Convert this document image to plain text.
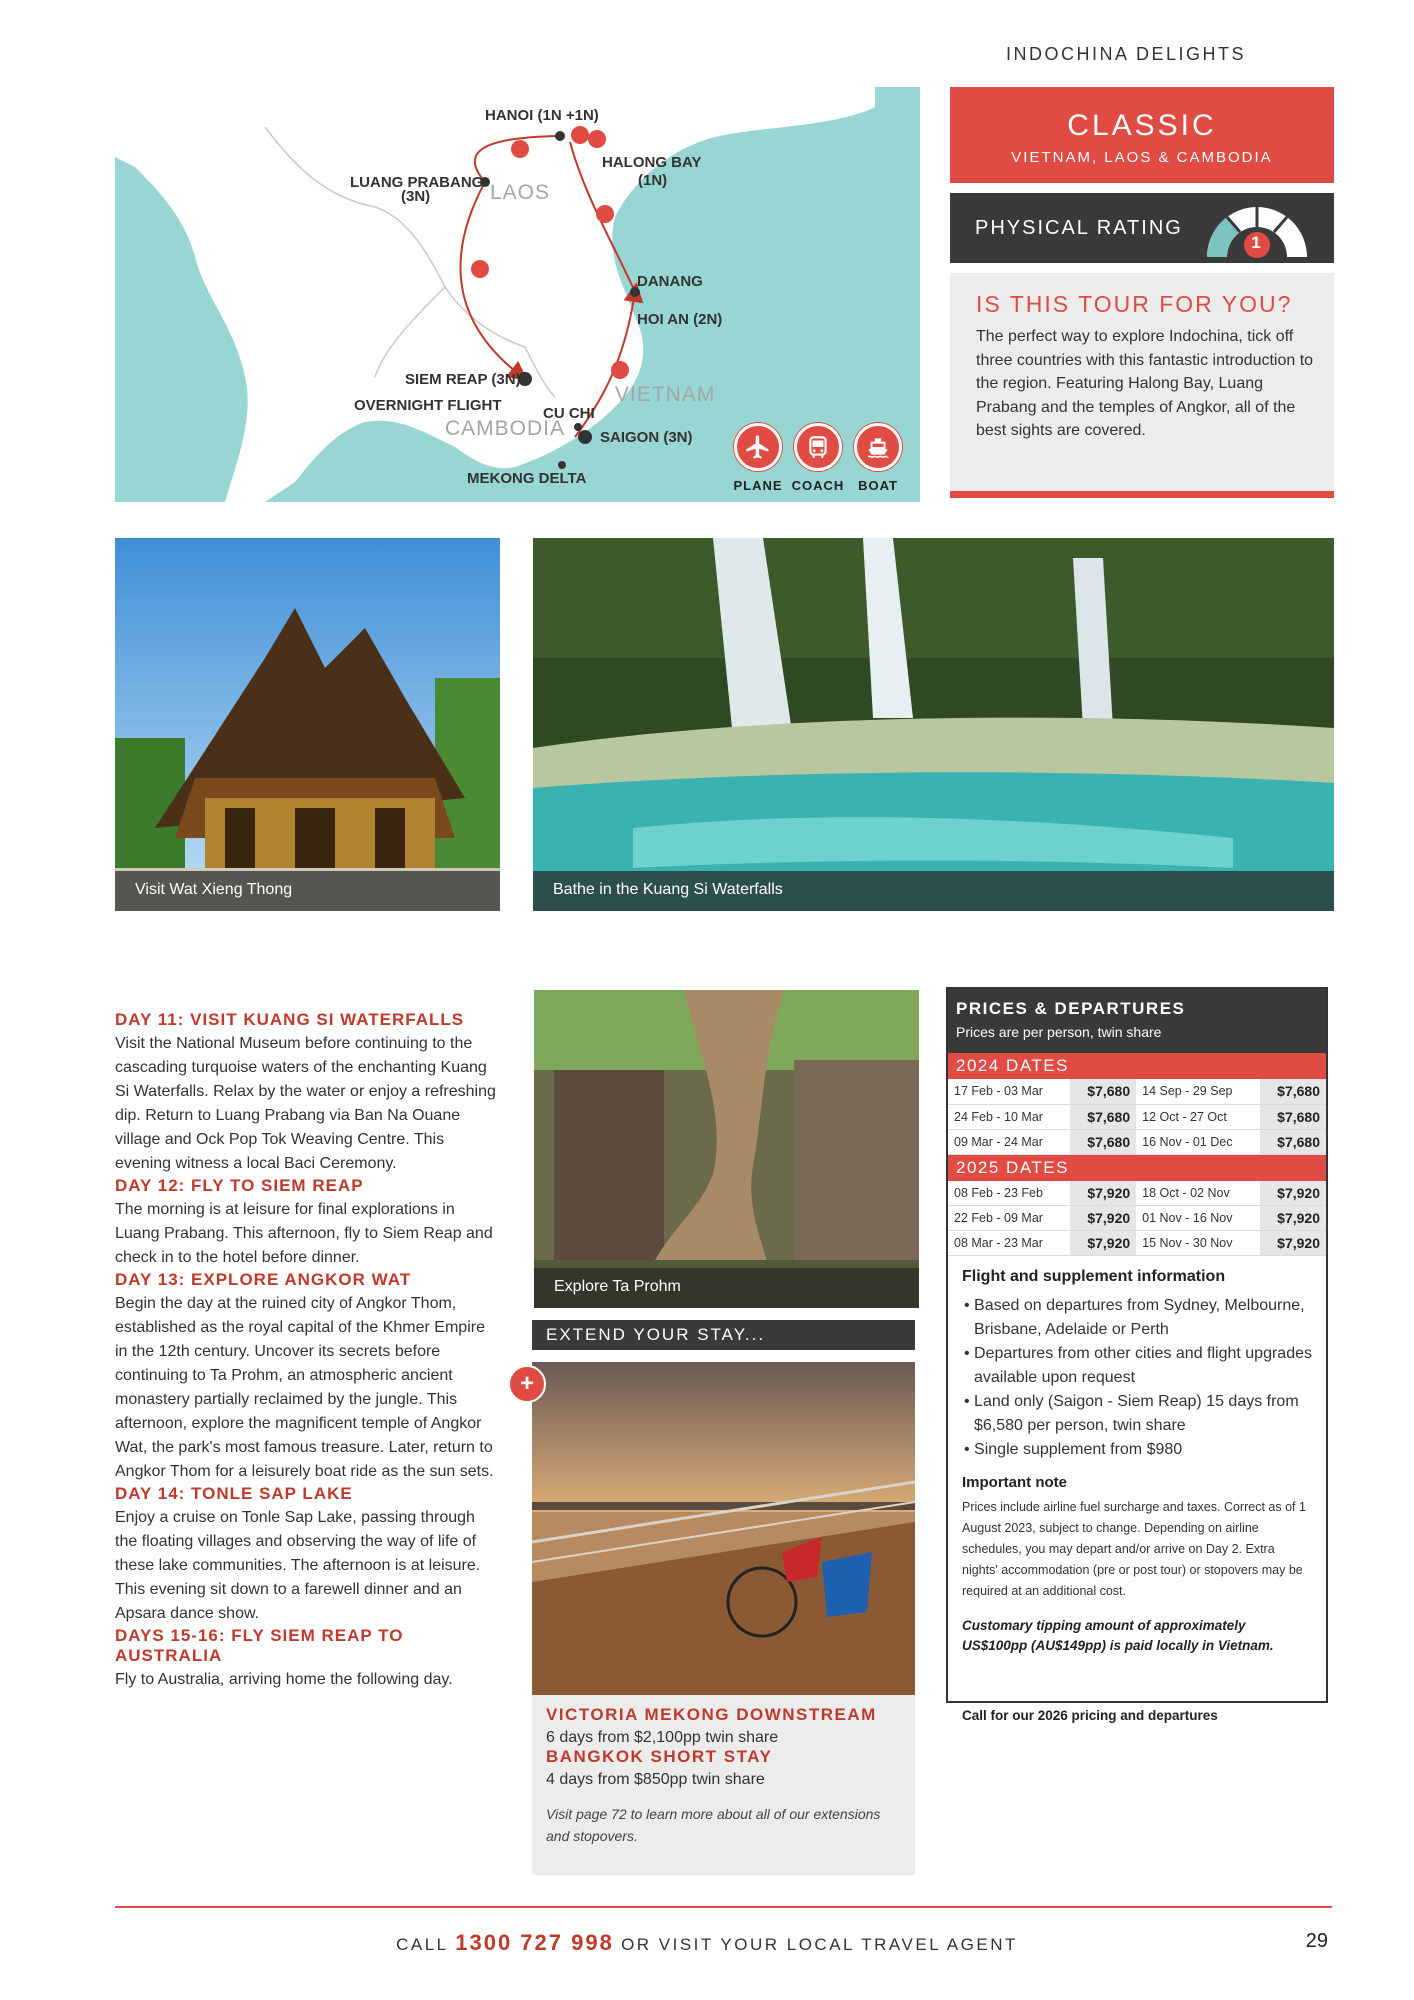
INDOCHINA DELIGHTS
HANOI (1N +1N)
HALONG BAY
(1N)
LUANG PRABANG
(3N)
DANANG
HOI AN (2N)
SIEM REAP (3N)
OVERNIGHT FLIGHT	CU CHI
SAIGON (3N)
MEKONG DELTA
LAOS
VIETNAM
CAMBODIA
PLANE COACH	BOAT
CLASSIC
VIETNAM, LAOS & CAMBODIA
PHYSICAL RATING
1
IS THIS TOUR FOR YOU?
The perfect way to explore Indochina, tick off three countries with this fantastic introduction to the region. Featuring Halong Bay, Luang Prabang and the temples of Angkor, all of the best sights are covered.
Visit Wat Xieng Thong	Bathe in the Kuang Si Waterfalls
DAY 11: VISIT KUANG SI WATERFALLS
Visit the National Museum before continuing to the cascading turquoise waters of the enchanting Kuang Si Waterfalls. Relax by the water or enjoy a refreshing dip. Return to Luang Prabang via Ban Na Ouane village and Ock Pop Tok Weaving Centre. This evening witness a local Baci Ceremony.
DAY 12: FLY TO SIEM REAP
The morning is at leisure for final explorations in Luang Prabang. This afternoon, fly to Siem Reap and check in to the hotel before dinner.
DAY 13: EXPLORE ANGKOR WAT
Begin the day at the ruined city of Angkor Thom, established as the royal capital of the Khmer Empire in the 12th century. Uncover its secrets before continuing to Ta Prohm, an atmospheric ancient monastery partially reclaimed by the jungle. This afternoon, explore the magnificent temple of Angkor Wat, the park's most famous treasure. Later, return to Angkor Thom for a leisurely boat ride as the sun sets.
DAY 14: TONLE SAP LAKE
Enjoy a cruise on Tonle Sap Lake, passing through the floating villages and observing the way of life of these lake communities. The afternoon is at leisure. This evening sit down to a farewell dinner and an Apsara dance show.
DAYS 15-16: FLY SIEM REAP TO AUSTRALIA
Fly to Australia, arriving home the following day.
Explore Ta Prohm
EXTEND YOUR STAY...
+
VICTORIA MEKONG DOWNSTREAM
6 days from $2,100pp twin share
BANGKOK SHORT STAY
4 days from $850pp twin share
Visit page 72 to learn more about all of our extensions and stopovers.
PRICES & DEPARTURES
Prices are per person, twin share
2024 DATES
17 Feb - 03 Mar	$7,680	14 Sep - 29 Sep	$7,680
24 Feb - 10 Mar	$7,680	12 Oct - 27 Oct	$7,680
09 Mar - 24 Mar	$7,680	16 Nov - 01 Dec	$7,680
2025 DATES
08 Feb - 23 Feb	$7,920	18 Oct - 02 Nov	$7,920
22 Feb - 09 Mar	$7,920	01 Nov - 16 Nov	$7,920
08 Mar - 23 Mar	$7,920	15 Nov - 30 Nov	$7,920
Flight and supplement information
• Based on departures from Sydney, Melbourne, Brisbane, Adelaide or Perth
• Departures from other cities and flight upgrades available upon request
• Land only (Saigon - Siem Reap) 15 days from $6,580 per person, twin share
• Single supplement from $980
Important note
Prices include airline fuel surcharge and taxes. Correct as of 1 August 2023, subject to change. Depending on airline schedules, you may depart and/or arrive on Day 2. Extra nights' accommodation (pre or post tour) or stopovers may be required at an additional cost.
Customary tipping amount of approximately US$100pp (AU$149pp) is paid locally in Vietnam.
Call for our 2026 pricing and departures
CALL 1300 727 998 OR VISIT YOUR LOCAL TRAVEL AGENT	29
